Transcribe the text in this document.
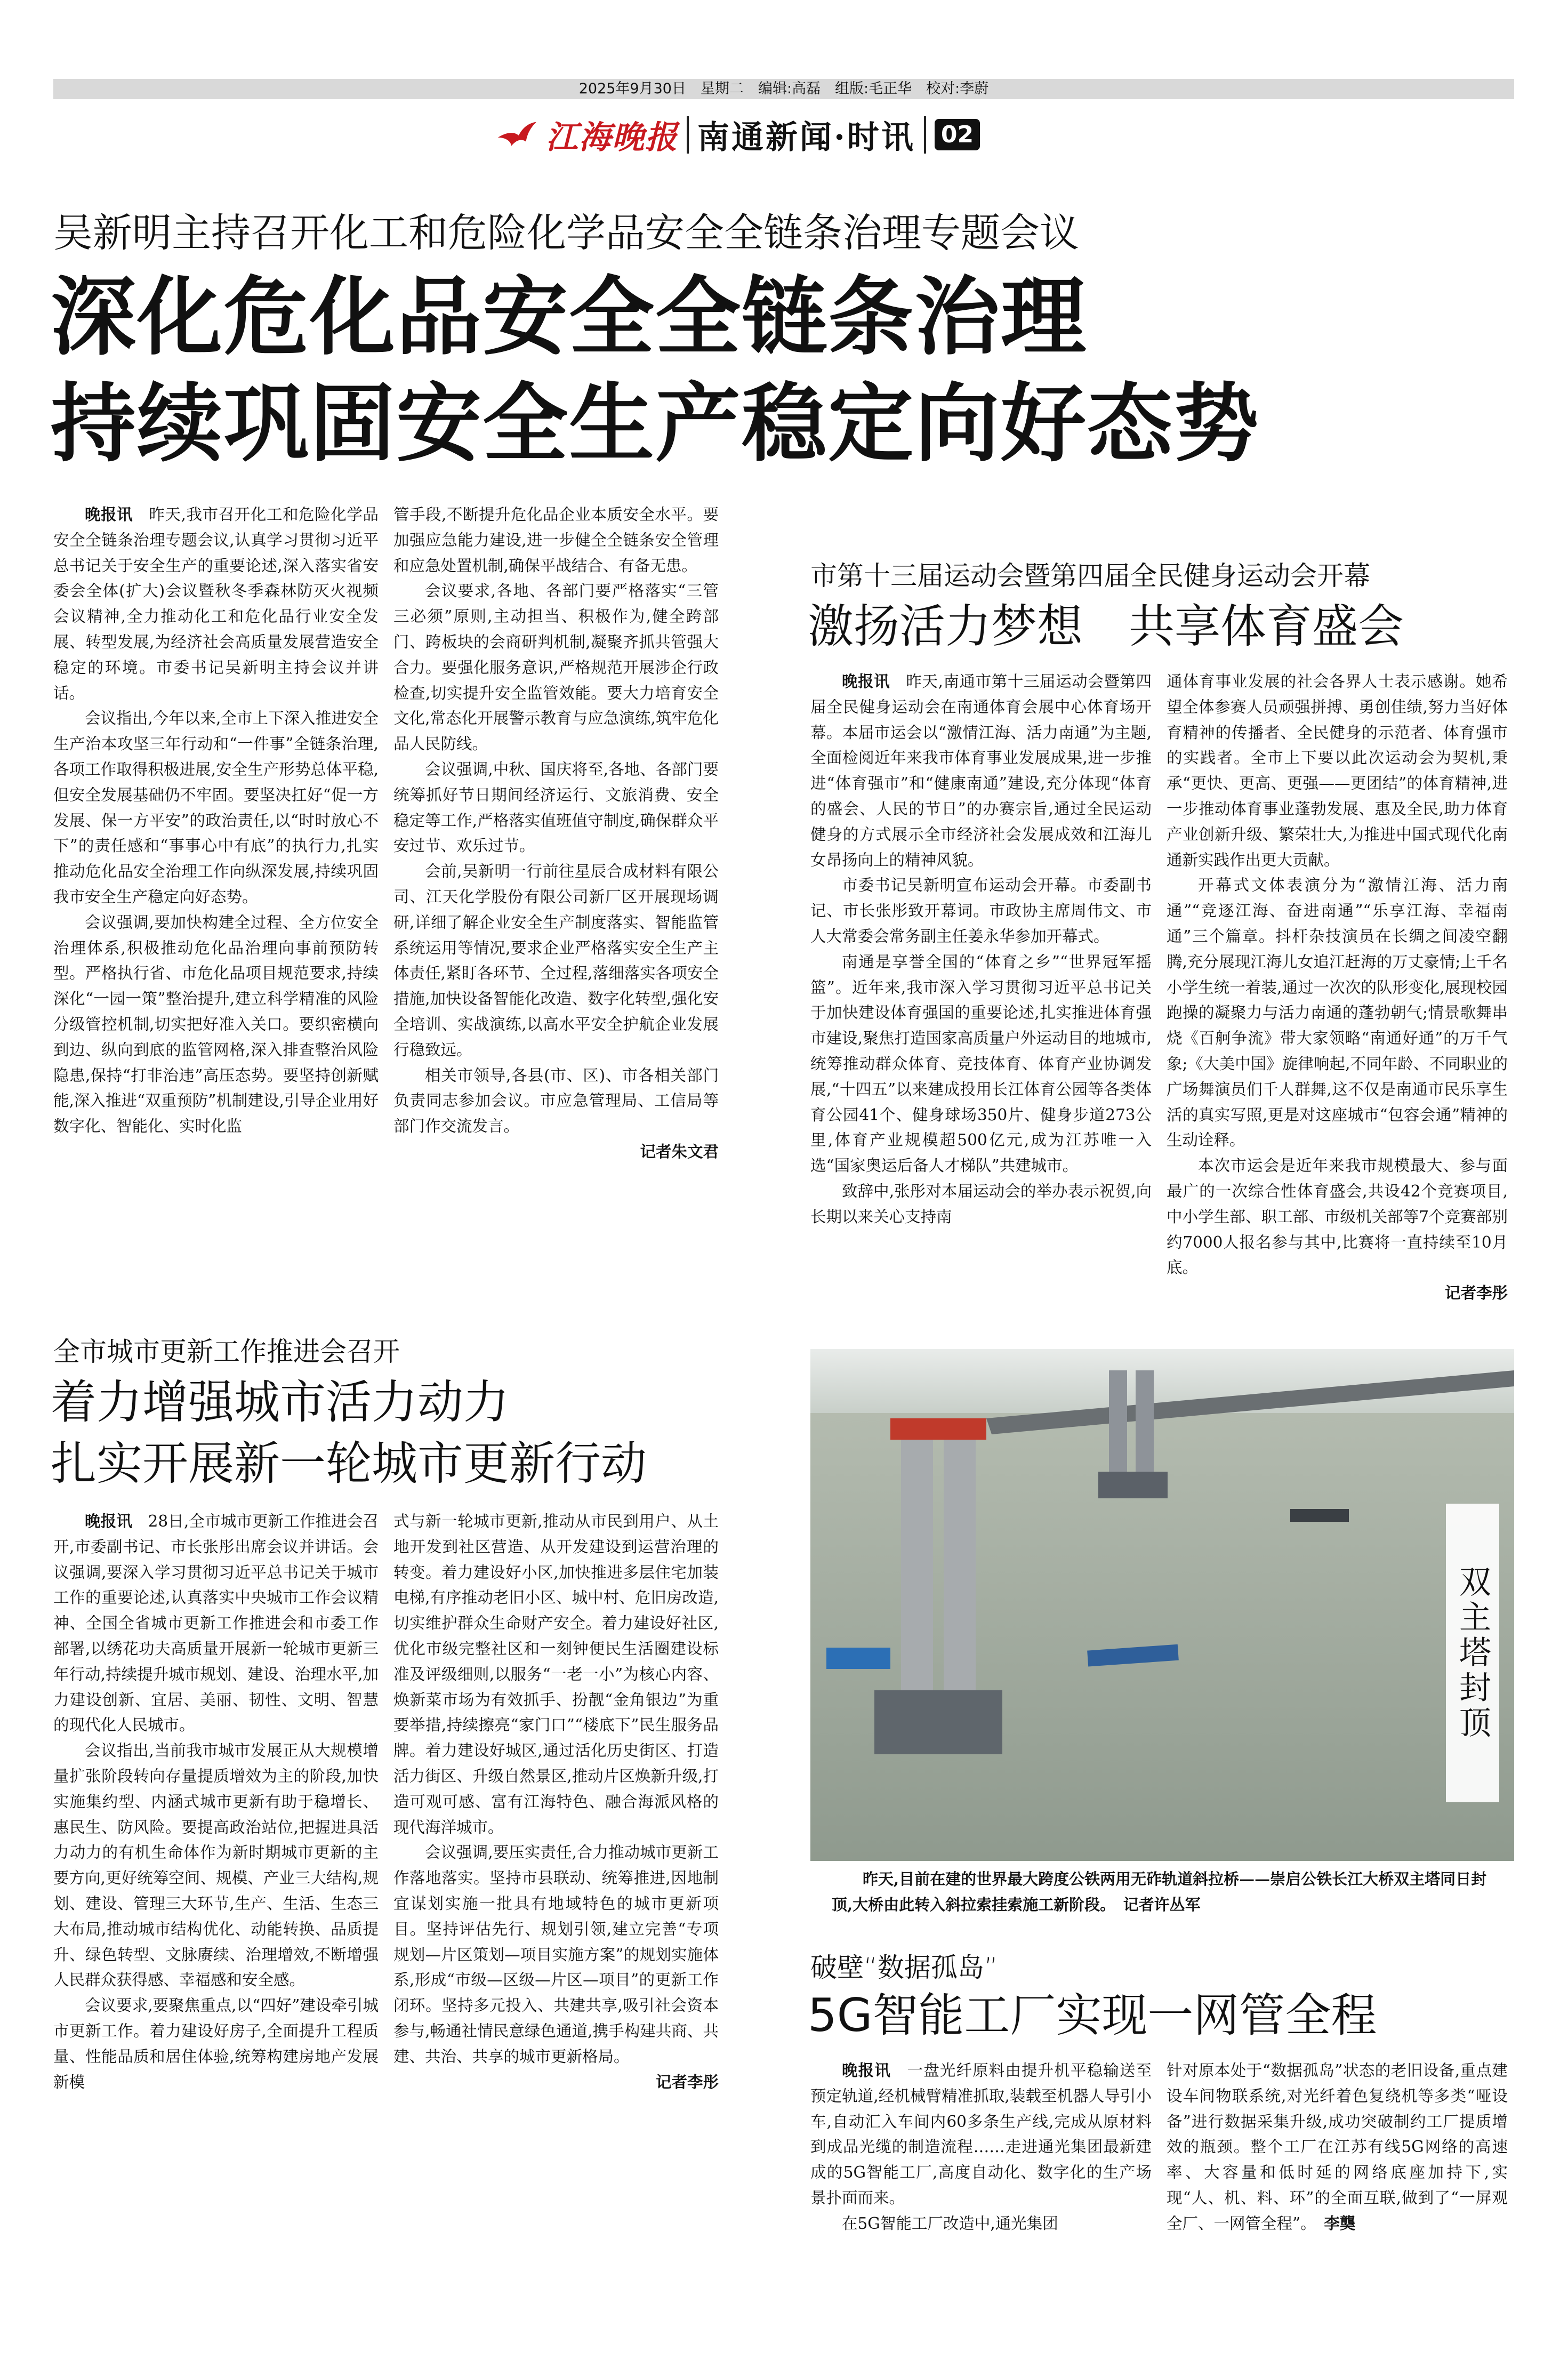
2025年9月30日　星期二　编辑:高磊　组版:毛正华　校对:李蔚
江海晚报 南通新闻·时讯 02
吴新明主持召开化工和危险化学品安全全链条治理专题会议
深化危化品安全全链条治理
持续巩固安全生产稳定向好态势

晚报讯　昨天,我市召开化工和危险化学品安全全链条治理专题会议,认真学习贯彻习近平总书记关于安全生产的重要论述,深入落实省安委会全体(扩大)会议暨秋冬季森林防灭火视频会议精神,全力推动化工和危化品行业安全发展、转型发展,为经济社会高质量发展营造安全稳定的环境。市委书记吴新明主持会议并讲话。

会议指出,今年以来,全市上下深入推进安全生产治本攻坚三年行动和“一件事”全链条治理,各项工作取得积极进展,安全生产形势总体平稳,但安全发展基础仍不牢固。要坚决扛好“促一方发展、保一方平安”的政治责任,以“时时放心不下”的责任感和“事事心中有底”的执行力,扎实推动危化品安全治理工作向纵深发展,持续巩固我市安全生产稳定向好态势。

会议强调,要加快构建全过程、全方位安全治理体系,积极推动危化品治理向事前预防转型。严格执行省、市危化品项目规范要求,持续深化“一园一策”整治提升,建立科学精准的风险分级管控机制,切实把好准入关口。要织密横向到边、纵向到底的监管网格,深入排查整治风险隐患,保持“打非治违”高压态势。要坚持创新赋能,深入推进“双重预防”机制建设,引导企业用好数字化、智能化、实时化监

管手段,不断提升危化品企业本质安全水平。要加强应急能力建设,进一步健全全链条安全管理和应急处置机制,确保平战结合、有备无患。

会议要求,各地、各部门要严格落实“三管三必须”原则,主动担当、积极作为,健全跨部门、跨板块的会商研判机制,凝聚齐抓共管强大合力。要强化服务意识,严格规范开展涉企行政检查,切实提升安全监管效能。要大力培育安全文化,常态化开展警示教育与应急演练,筑牢危化品人民防线。

会议强调,中秋、国庆将至,各地、各部门要统筹抓好节日期间经济运行、文旅消费、安全稳定等工作,严格落实值班值守制度,确保群众平安过节、欢乐过节。

会前,吴新明一行前往星辰合成材料有限公司、江天化学股份有限公司新厂区开展现场调研,详细了解企业安全生产制度落实、智能监管系统运用等情况,要求企业严格落实安全生产主体责任,紧盯各环节、全过程,落细落实各项安全措施,加快设备智能化改造、数字化转型,强化安全培训、实战演练,以高水平安全护航企业发展行稳致远。

相关市领导,各县(市、区)、市各相关部门负责同志参加会议。市应急管理局、工信局等部门作交流发言。

记者朱文君
市第十三届运动会暨第四届全民健身运动会开幕
激扬活力梦想　共享体育盛会

晚报讯　昨天,南通市第十三届运动会暨第四届全民健身运动会在南通体育会展中心体育场开幕。本届市运会以“激情江海、活力南通”为主题,全面检阅近年来我市体育事业发展成果,进一步推进“体育强市”和“健康南通”建设,充分体现“体育的盛会、人民的节日”的办赛宗旨,通过全民运动健身的方式展示全市经济社会发展成效和江海儿女昂扬向上的精神风貌。

市委书记吴新明宣布运动会开幕。市委副书记、市长张彤致开幕词。市政协主席周伟文、市人大常委会常务副主任姜永华参加开幕式。

南通是享誉全国的“体育之乡”“世界冠军摇篮”。近年来,我市深入学习贯彻习近平总书记关于加快建设体育强国的重要论述,扎实推进体育强市建设,聚焦打造国家高质量户外运动目的地城市,统筹推动群众体育、竞技体育、体育产业协调发展,“十四五”以来建成投用长江体育公园等各类体育公园41个、健身球场350片、健身步道273公里,体育产业规模超500亿元,成为江苏唯一入选“国家奥运后备人才梯队”共建城市。

致辞中,张彤对本届运动会的举办表示祝贺,向长期以来关心支持南

通体育事业发展的社会各界人士表示感谢。她希望全体参赛人员顽强拼搏、勇创佳绩,努力当好体育精神的传播者、全民健身的示范者、体育强市的实践者。全市上下要以此次运动会为契机,秉承“更快、更高、更强——更团结”的体育精神,进一步推动体育事业蓬勃发展、惠及全民,助力体育产业创新升级、繁荣壮大,为推进中国式现代化南通新实践作出更大贡献。

开幕式文体表演分为“激情江海、活力南通”“竞逐江海、奋进南通”“乐享江海、幸福南通”三个篇章。抖杆杂技演员在长绸之间凌空翻腾,充分展现江海儿女追江赶海的万丈豪情;上千名小学生统一着装,通过一次次的队形变化,展现校园跑操的凝聚力与活力南通的蓬勃朝气;情景歌舞串烧《百舸争流》带大家领略“南通好通”的万千气象;《大美中国》旋律响起,不同年龄、不同职业的广场舞演员们千人群舞,这不仅是南通市民乐享生活的真实写照,更是对这座城市“包容会通”精神的生动诠释。

本次市运会是近年来我市规模最大、参与面最广的一次综合性体育盛会,共设42个竞赛项目,中小学生部、职工部、市级机关部等7个竞赛部别约7000人报名参与其中,比赛将一直持续至10月底。

记者李彤
全市城市更新工作推进会召开
着力增强城市活力动力
扎实开展新一轮城市更新行动

晚报讯　28日,全市城市更新工作推进会召开,市委副书记、市长张彤出席会议并讲话。会议强调,要深入学习贯彻习近平总书记关于城市工作的重要论述,认真落实中央城市工作会议精神、全国全省城市更新工作推进会和市委工作部署,以绣花功夫高质量开展新一轮城市更新三年行动,持续提升城市规划、建设、治理水平,加力建设创新、宜居、美丽、韧性、文明、智慧的现代化人民城市。

会议指出,当前我市城市发展正从大规模增量扩张阶段转向存量提质增效为主的阶段,加快实施集约型、内涵式城市更新有助于稳增长、惠民生、防风险。要提高政治站位,把握进具活力动力的有机生命体作为新时期城市更新的主要方向,更好统筹空间、规模、产业三大结构,规划、建设、管理三大环节,生产、生活、生态三大布局,推动城市结构优化、动能转换、品质提升、绿色转型、文脉赓续、治理增效,不断增强人民群众获得感、幸福感和安全感。

会议要求,要聚焦重点,以“四好”建设牵引城市更新工作。着力建设好房子,全面提升工程质量、性能品质和居住体验,统筹构建房地产发展新模

式与新一轮城市更新,推动从市民到用户、从土地开发到社区营造、从开发建设到运营治理的转变。着力建设好小区,加快推进多层住宅加装电梯,有序推动老旧小区、城中村、危旧房改造,切实维护群众生命财产安全。着力建设好社区,优化市级完整社区和一刻钟便民生活圈建设标准及评级细则,以服务“一老一小”为核心内容、焕新菜市场为有效抓手、扮靓“金角银边”为重要举措,持续擦亮“家门口”“楼底下”民生服务品牌。着力建设好城区,通过活化历史街区、打造活力街区、升级自然景区,推动片区焕新升级,打造可观可感、富有江海特色、融合海派风格的现代海洋城市。

会议强调,要压实责任,合力推动城市更新工作落地落实。坚持市县联动、统筹推进,因地制宜谋划实施一批具有地域特色的城市更新项目。坚持评估先行、规划引领,建立完善“专项规划—片区策划—项目实施方案”的规划实施体系,形成“市级—区级—片区—项目”的更新工作闭环。坚持多元投入、共建共享,吸引社会资本参与,畅通社情民意绿色通道,携手构建共商、共建、共治、共享的城市更新格局。

记者李彤
双主塔封顶
昨天,目前在建的世界最大跨度公铁两用无砟轨道斜拉桥——崇启公铁长江大桥双主塔同日封顶,大桥由此转入斜拉索挂索施工新阶段。　记者许丛军
破壁“数据孤岛”
5G智能工厂实现一网管全程

晚报讯　一盘光纤原料由提升机平稳输送至预定轨道,经机械臂精准抓取,装载至机器人导引小车,自动汇入车间内60多条生产线,完成从原材料到成品光缆的制造流程……走进通光集团最新建成的5G智能工厂,高度自动化、数字化的生产场景扑面而来。

在5G智能工厂改造中,通光集团

针对原本处于“数据孤岛”状态的老旧设备,重点建设车间物联系统,对光纤着色复绕机等多类“哑设备”进行数据采集升级,成功突破制约工厂提质增效的瓶颈。整个工厂在江苏有线5G网络的高速率、大容量和低时延的网络底座加持下,实现“人、机、料、环”的全面互联,做到了“一屏观全厂、一网管全程”。　 李龑
